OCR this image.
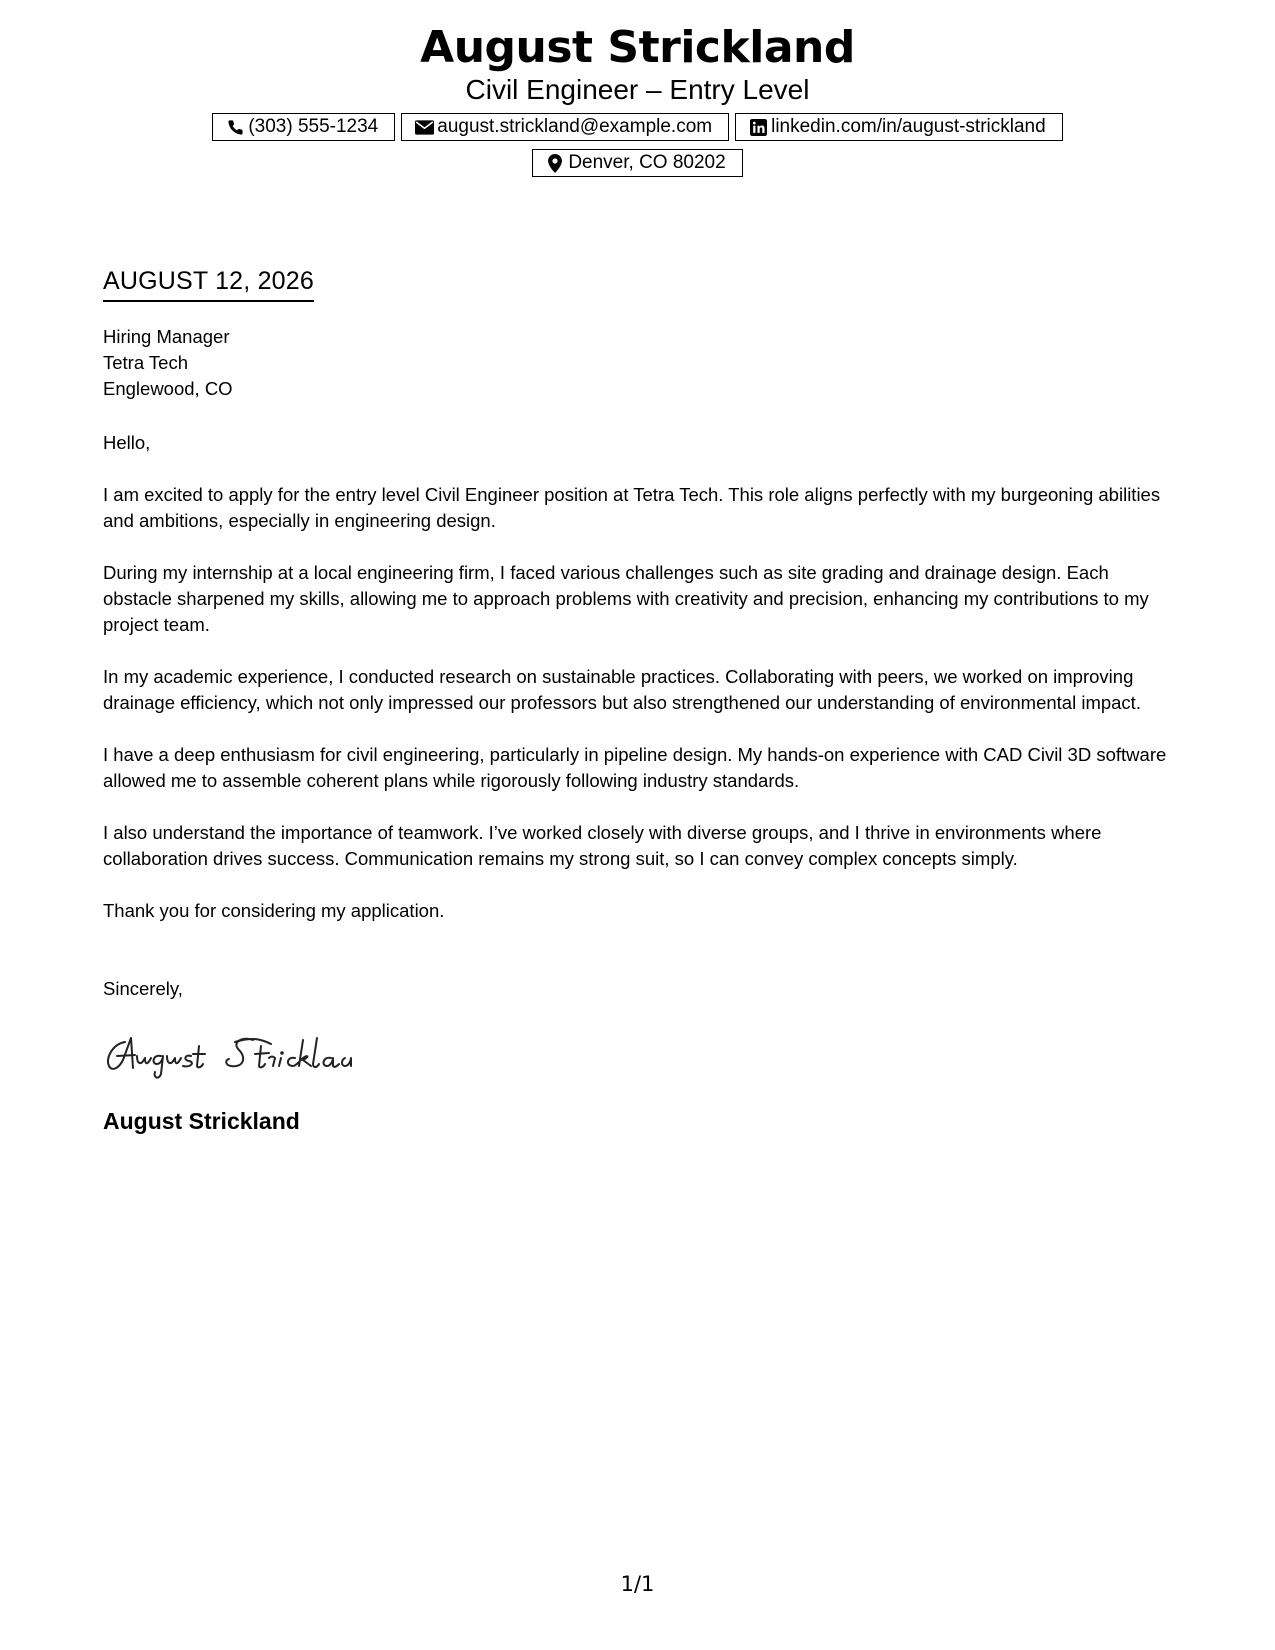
August Strickland
Civil Engineer – Entry Level
(303) 555-1234	august.strickland@example.com	linkedin.com/in/august-strickland
Denver, CO 80202
AUGUST 12, 2026
Hiring Manager
Tetra Tech
Englewood, CO
Hello,
I am excited to apply for the entry level Civil Engineer position at Tetra Tech. This role aligns perfectly with my burgeoning abilities and ambitions, especially in engineering design.
During my internship at a local engineering firm, I faced various challenges such as site grading and drainage design. Each obstacle sharpened my skills, allowing me to approach problems with creativity and precision, enhancing my contributions to my project team.
In my academic experience, I conducted research on sustainable practices. Collaborating with peers, we worked on improving drainage efficiency, which not only impressed our professors but also strengthened our understanding of environmental impact.
I have a deep enthusiasm for civil engineering, particularly in pipeline design. My hands-on experience with CAD Civil 3D software allowed me to assemble coherent plans while rigorously following industry standards.
I also understand the importance of teamwork. I’ve worked closely with diverse groups, and I thrive in environments where collaboration drives success. Communication remains my strong suit, so I can convey complex concepts simply.
Thank you for considering my application.
Sincerely,
August Strickland
1/1
